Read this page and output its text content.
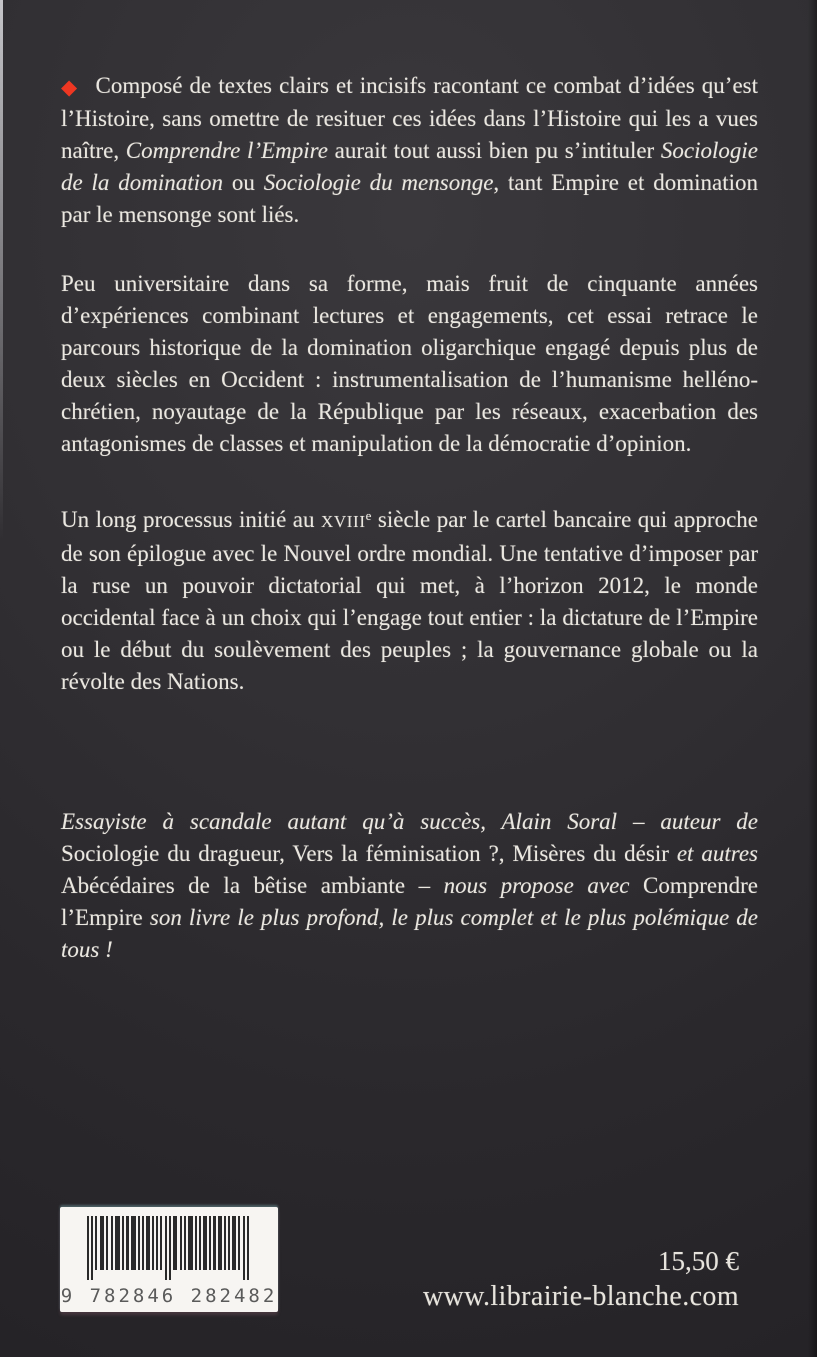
◆ Composé de textes clairs et incisifs racontant ce combat d’idées qu’est l’Histoire, sans omettre de resituer ces idées dans l’Histoire qui les a vues naître, Comprendre l’Empire aurait tout aussi bien pu s’intituler Sociologie de la domination ou Sociologie du mensonge, tant Empire et domination par le mensonge sont liés.

Peu universitaire dans sa forme, mais fruit de cinquante années d’expériences combinant lectures et engagements, cet essai retrace le parcours historique de la domination oligarchique engagé depuis plus de deux siècles en Occident : instrumentalisation de l’humanisme helléno-chrétien, noyautage de la République par les réseaux, exacerbation des antagonismes de classes et manipulation de la démocratie d’opinion.

Un long processus initié au XVIIIe siècle par le cartel bancaire qui approche de son épilogue avec le Nouvel ordre mondial. Une tentative d’imposer par la ruse un pouvoir dictatorial qui met, à l’horizon 2012, le monde occidental face à un choix qui l’engage tout entier : la dictature de l’Empire ou le début du soulèvement des peuples ; la gouvernance globale ou la révolte des Nations.

Essayiste à scandale autant qu’à succès, Alain Soral – auteur de Sociologie du dragueur, Vers la féminisation ?, Misères du désir et autres Abécédaires de la bêtise ambiante – nous propose avec Comprendre l’Empire son livre le plus profond, le plus complet et le plus polémique de tous !

9 782846 282482
15,50 €
www.librairie-blanche.com
